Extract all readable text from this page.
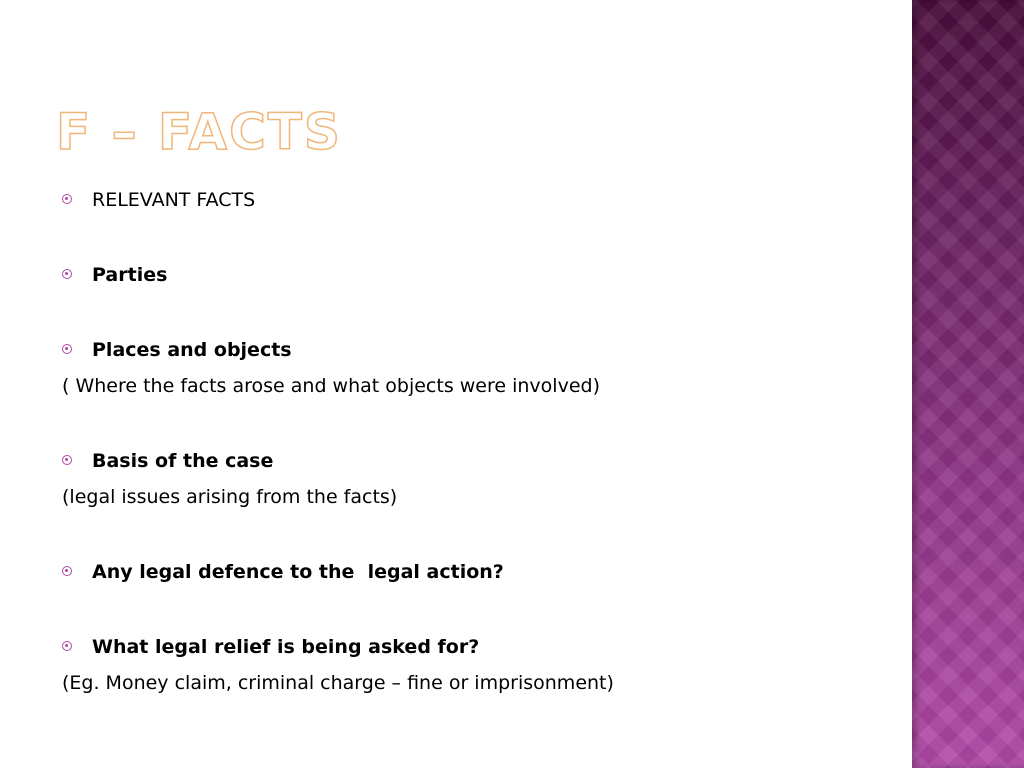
F – FACTS
RELEVANT FACTS
Parties
Places and objects
( Where the facts arose and what objects were involved)
Basis of the case
(legal issues arising from the facts)
Any legal defence to the  legal action?
What legal relief is being asked for?
(Eg. Money claim, criminal charge – fine or imprisonment)
